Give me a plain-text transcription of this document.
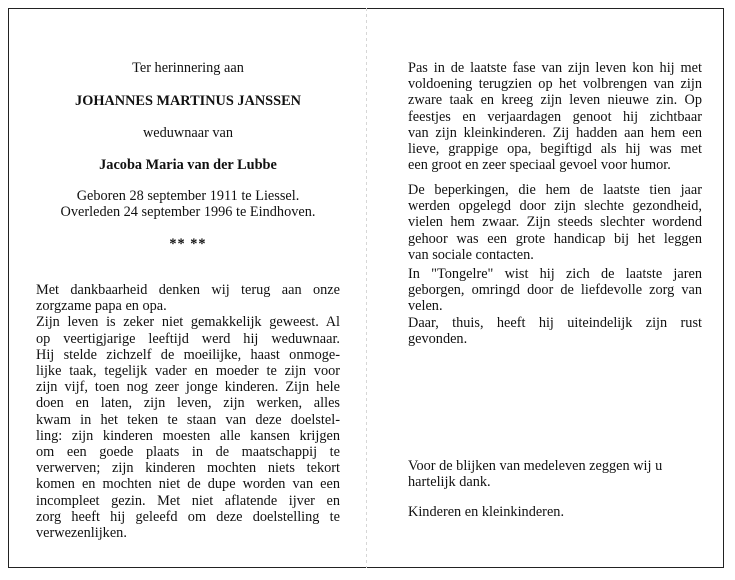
Ter herinnering aan
JOHANNES MARTINUS JANSSEN
weduwnaar van
Jacoba Maria van der Lubbe
Geboren 28 september 1911 te Liessel.
Overleden 24 september 1996 te Eindhoven.
** **
Met dankbaarheid denken wij terug aan onze
zorgzame papa en opa.
Zijn leven is zeker niet gemakkelijk geweest. Al
op veertigjarige leeftijd werd hij weduwnaar.
Hij stelde zichzelf de moeilijke, haast onmoge-
lijke taak, tegelijk vader en moeder te zijn voor
zijn vijf, toen nog zeer jonge kinderen. Zijn hele
doen en laten, zijn leven, zijn werken, alles
kwam in het teken te staan van deze doelstel-
ling: zijn kinderen moesten alle kansen krijgen
om een goede plaats in de maatschappij te
verwerven; zijn kinderen mochten niets tekort
komen en mochten niet de dupe worden van een
incompleet gezin. Met niet aflatende ijver en
zorg heeft hij geleefd om deze doelstelling te
verwezenlijken.
Pas in de laatste fase van zijn leven kon hij met
voldoening terugzien op het volbrengen van zijn
zware taak en kreeg zijn leven nieuwe zin. Op
feestjes en verjaardagen genoot hij zichtbaar
van zijn kleinkinderen. Zij hadden aan hem een
lieve, grappige opa, begiftigd als hij was met
een groot en zeer speciaal gevoel voor humor.
De beperkingen, die hem de laatste tien jaar
werden opgelegd door zijn slechte gezondheid,
vielen hem zwaar. Zijn steeds slechter wordend
gehoor was een grote handicap bij het leggen
van sociale contacten.
In "Tongelre" wist hij zich de laatste jaren
geborgen, omringd door de liefdevolle zorg van
velen.
Daar, thuis, heeft hij uiteindelijk zijn rust
gevonden.
Voor de blijken van medeleven zeggen wij u
hartelijk dank.
Kinderen en kleinkinderen.
